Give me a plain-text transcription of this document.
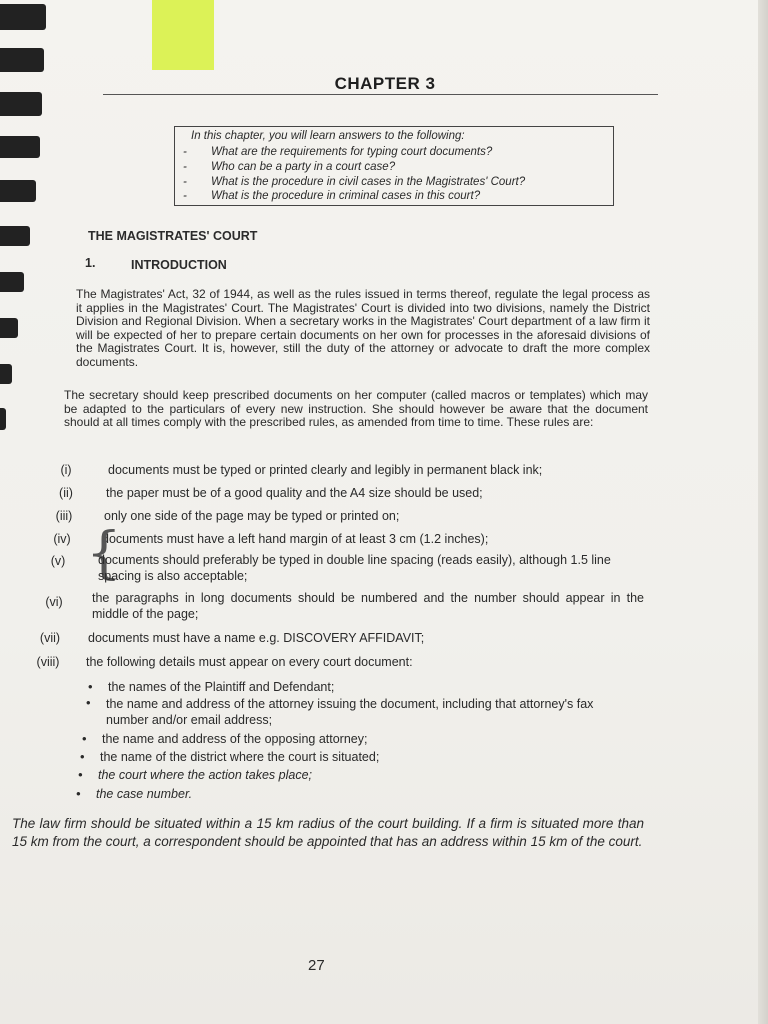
CHAPTER 3
In this chapter, you will learn answers to the following:
- What are the requirements for typing court documents?
- Who can be a party in a court case?
- What is the procedure in civil cases in the Magistrates' Court?
- What is the procedure in criminal cases in this court?
THE MAGISTRATES' COURT
1.	INTRODUCTION
The Magistrates' Act, 32 of 1944, as well as the rules issued in terms thereof, regulate the legal process as it applies in the Magistrates' Court. The Magistrates' Court is divided into two divisions, namely the District Division and Regional Division. When a secretary works in the Magistrates' Court department of a law firm it will be expected of her to prepare certain documents on her own for processes in the aforesaid divisions of the Magistrates Court. It is, however, still the duty of the attorney or advocate to draft the more complex documents.
The secretary should keep prescribed documents on her computer (called macros or templates) which may be adapted to the particulars of every new instruction. She should however be aware that the document should at all times comply with the prescribed rules, as amended from time to time. These rules are:
(i)	documents must be typed or printed clearly and legibly in permanent black ink;
(ii)	the paper must be of a good quality and the A4 size should be used;
(iii)	only one side of the page may be typed or printed on;
(iv)	documents must have a left hand margin of at least 3 cm (1.2 inches);
{
(v)	documents should preferably be typed in double line spacing (reads easily), although 1.5 line spacing is also acceptable;
(vi)	the paragraphs in long documents should be numbered and the number should appear in the middle of the page;
(vii)	documents must have a name e.g. DISCOVERY AFFIDAVIT;
(viii)	the following details must appear on every court document:
• the names of the Plaintiff and Defendant;
• the name and address of the attorney issuing the document, including that attorney's fax number and/or email address;
• the name and address of the opposing attorney;
• the name of the district where the court is situated;
• the court where the action takes place;
• the case number.
The law firm should be situated within a 15 km radius of the court building. If a firm is situated more than 15 km from the court, a correspondent should be appointed that has an address within 15 km of the court.
27
